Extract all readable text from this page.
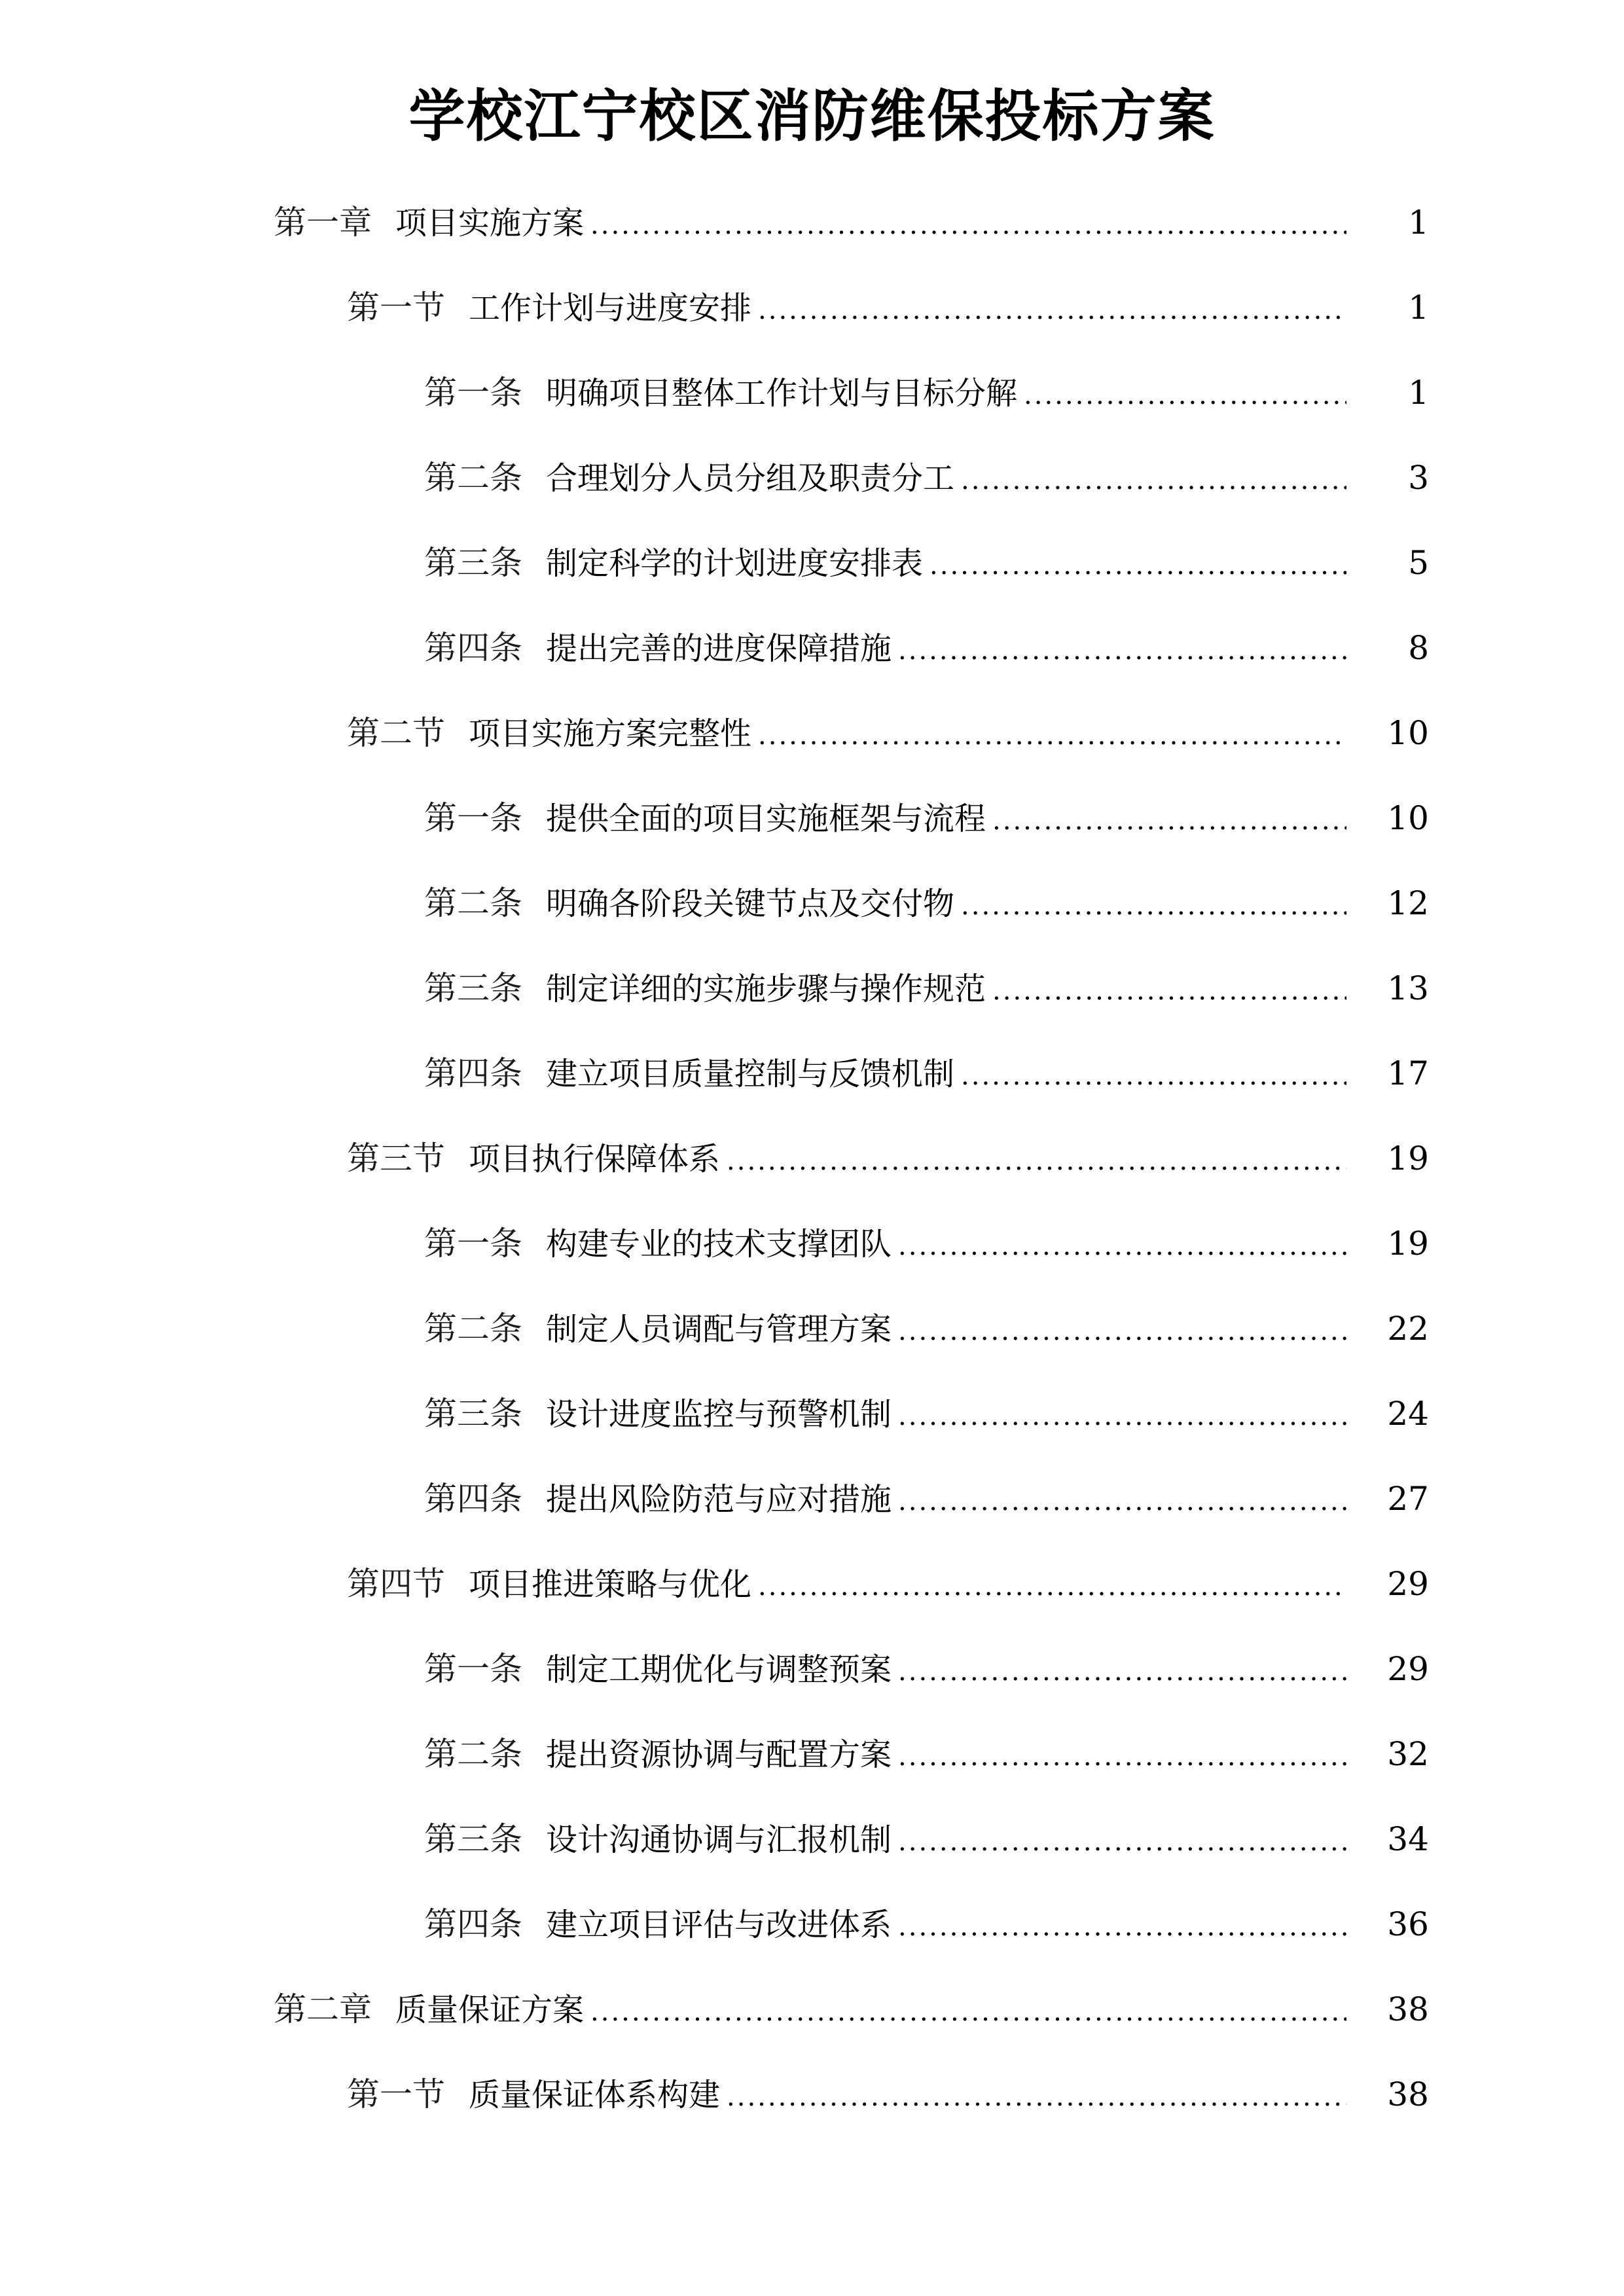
学校江宁校区消防维保投标方案
第一章 项目实施方案 .....	1
第一节 工作计划与进度安排 .....	1
第一条 明确项目整体工作计划与目标分解 .....	1
第二条 合理划分人员分组及职责分工 .....	3
第三条 制定科学的计划进度安排表 .....	5
第四条 提出完善的进度保障措施 .....	8
第二节 项目实施方案完整性 .....	10
第一条 提供全面的项目实施框架与流程 .....	10
第二条 明确各阶段关键节点及交付物 .....	12
第三条 制定详细的实施步骤与操作规范 .....	13
第四条 建立项目质量控制与反馈机制 .....	17
第三节 项目执行保障体系 .....	19
第一条 构建专业的技术支撑团队 .....	19
第二条 制定人员调配与管理方案 .....	22
第三条 设计进度监控与预警机制 .....	24
第四条 提出风险防范与应对措施 .....	27
第四节 项目推进策略与优化 .....	29
第一条 制定工期优化与调整预案 .....	29
第二条 提出资源协调与配置方案 .....	32
第三条 设计沟通协调与汇报机制 .....	34
第四条 建立项目评估与改进体系 .....	36
第二章 质量保证方案 .....	38
第一节 质量保证体系构建 .....	38
